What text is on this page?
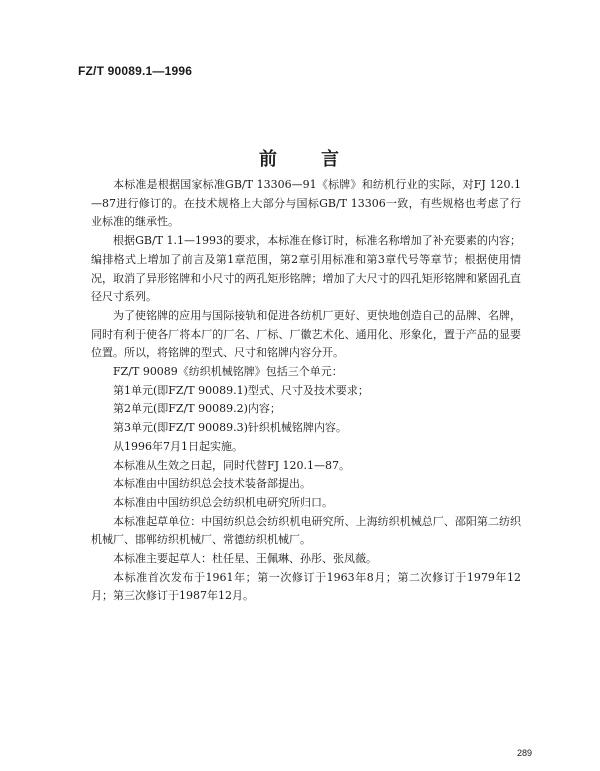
FZ/T 90089.1—1996
前 言

本标准是根据国家标准GB/T 13306—91《标牌》和纺机行业的实际，对FJ 120.1—87进行修订的。在技术规格上大部分与国标GB/T 13306一致，有些规格也考虑了行业标准的继承性。

根据GB/T 1.1—1993的要求，本标准在修订时，标准名称增加了补充要素的内容；编排格式上增加了前言及第1章范围，第2章引用标准和第3章代号等章节；根据使用情况，取消了异形铭牌和小尺寸的两孔矩形铭牌；增加了大尺寸的四孔矩形铭牌和紧固孔直径尺寸系列。

为了使铭牌的应用与国际接轨和促进各纺机厂更好、更快地创造自己的品牌、名牌，同时有利于使各厂将本厂的厂名、厂标、厂徽艺术化、通用化、形象化，置于产品的显要位置。所以，将铭牌的型式、尺寸和铭牌内容分开。

FZ/T 90089《纺织机械铭牌》包括三个单元：

第1单元(即FZ/T 90089.1)型式、尺寸及技术要求；

第2单元(即FZ/T 90089.2)内容；

第3单元(即FZ/T 90089.3)针织机械铭牌内容。

从1996年7月1日起实施。

本标准从生效之日起，同时代替FJ 120.1—87。

本标准由中国纺织总会技术装备部提出。

本标准由中国纺织总会纺织机电研究所归口。

本标准起草单位：中国纺织总会纺织机电研究所、上海纺织机械总厂、邵阳第二纺织机械厂、邯郸纺织机械厂、常德纺织机械厂。

本标准主要起草人：杜任星、王佩琳、孙彤、张凤薇。

本标准首次发布于1961年；第一次修订于1963年8月；第二次修订于1979年12月；第三次修订于1987年12月。

289
